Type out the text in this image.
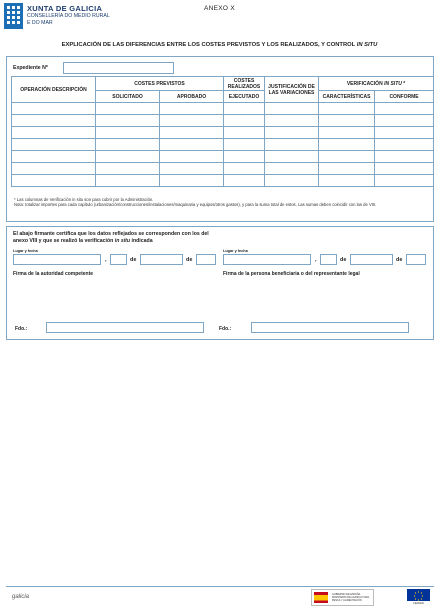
XUNTA DE GALICIA
CONSELLERÍA DO MEDIO RURAL
E DO MAR
ANEXO X
EXPLICACIÓN DE LAS DIFERENCIAS ENTRE LOS COSTES PREVISTOS Y LOS REALIZADOS, Y CONTROL IN SITU
Expediente Nº
OPERACIÓN DESCRIPCIÓN	COSTES PREVISTOS		COSTES REALIZADOS	JUSTIFICACIÓN DE LAS VARIACIONES	VERIFICACIÓN IN SITU *	
	SOLICITADO	APROBADO	EJECUTADO		CARACTERÍSTICAS	CONFORME

* Las columnas de Verificación in situ son para cubrir por la Administración.
Nota: totalizar importes para cada capítulo (urbanización/construcciones/instalaciones/maquinaria y equipos/otros gastos), y para la suma total de estos. Las sumas deben coincidir con las de VIII.
El abajo firmante certifica que los datos reflejados se corresponden con los del anexo VIII y que se realizó la verificación in situ indicada
Lugar y fecha
,	de	de
Lugar y fecha
,	de	de
Firma de la autoridad competente	Firma de la persona beneficiaria o del representante legal
Fdo.:	Fdo.:
galicia	GOBIERNO DE ESPAÑA MINISTERIO DE AGRICULTURA, PESCA Y ALIMENTACIÓN
FEADER
